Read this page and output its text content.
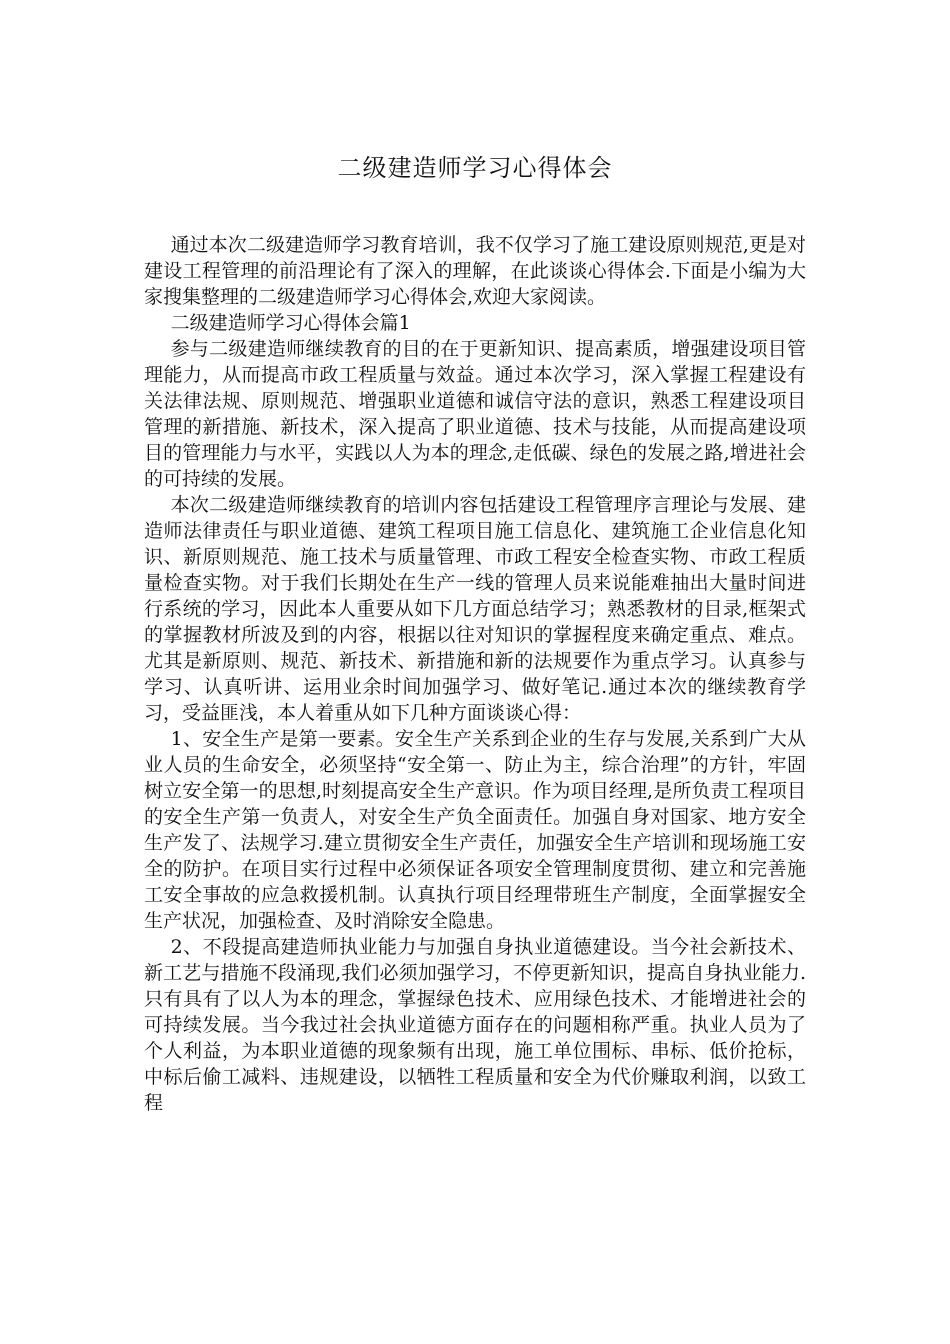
二级建造师学习心得体会

通过本次二级建造师学习教育培训，我不仅学习了施工建设原则规范,更是对建设工程管理的前沿理论有了深入的理解，在此谈谈心得体会.下面是小编为大家搜集整理的二级建造师学习心得体会,欢迎大家阅读。

二级建造师学习心得体会篇1

参与二级建造师继续教育的目的在于更新知识、提高素质，增强建设项目管理能力，从而提高市政工程质量与效益。通过本次学习，深入掌握工程建设有关法律法规、原则规范、增强职业道德和诚信守法的意识，熟悉工程建设项目管理的新措施、新技术，深入提高了职业道德、技术与技能，从而提高建设项目的管理能力与水平，实践以人为本的理念,走低碳、绿色的发展之路,增进社会的可持续的发展。

本次二级建造师继续教育的培训内容包括建设工程管理序言理论与发展、建造师法律责任与职业道德、建筑工程项目施工信息化、建筑施工企业信息化知识、新原则规范、施工技术与质量管理、市政工程安全检查实物、市政工程质量检查实物。对于我们长期处在生产一线的管理人员来说能难抽出大量时间进行系统的学习，因此本人重要从如下几方面总结学习；熟悉教材的目录,框架式的掌握教材所波及到的内容，根据以往对知识的掌握程度来确定重点、难点。尤其是新原则、规范、新技术、新措施和新的法规要作为重点学习。认真参与学习、认真听讲、运用业余时间加强学习、做好笔记.通过本次的继续教育学习，受益匪浅，本人着重从如下几种方面谈谈心得：

1、安全生产是第一要素。安全生产关系到企业的生存与发展,关系到广大从业人员的生命安全，必须坚持“安全第一、防止为主，综合治理”的方针，牢固树立安全第一的思想,时刻提高安全生产意识。作为项目经理,是所负责工程项目的安全生产第一负责人，对安全生产负全面责任。加强自身对国家、地方安全生产发了、法规学习.建立贯彻安全生产责任，加强安全生产培训和现场施工安全的防护。在项目实行过程中必须保证各项安全管理制度贯彻、建立和完善施工安全事故的应急救援机制。认真执行项目经理带班生产制度，全面掌握安全生产状况，加强检查、及时消除安全隐患。

2、不段提高建造师执业能力与加强自身执业道德建设。当今社会新技术、新工艺与措施不段涌现,我们必须加强学习，不停更新知识，提高自身执业能力.只有具有了以人为本的理念，掌握绿色技术、应用绿色技术、才能增进社会的可持续发展。当今我过社会执业道德方面存在的问题相称严重。执业人员为了个人利益，为本职业道德的现象频有出现，施工单位围标、串标、低价抢标，中标后偷工减料、违规建设，以牺牲工程质量和安全为代价赚取利润，以致工程
